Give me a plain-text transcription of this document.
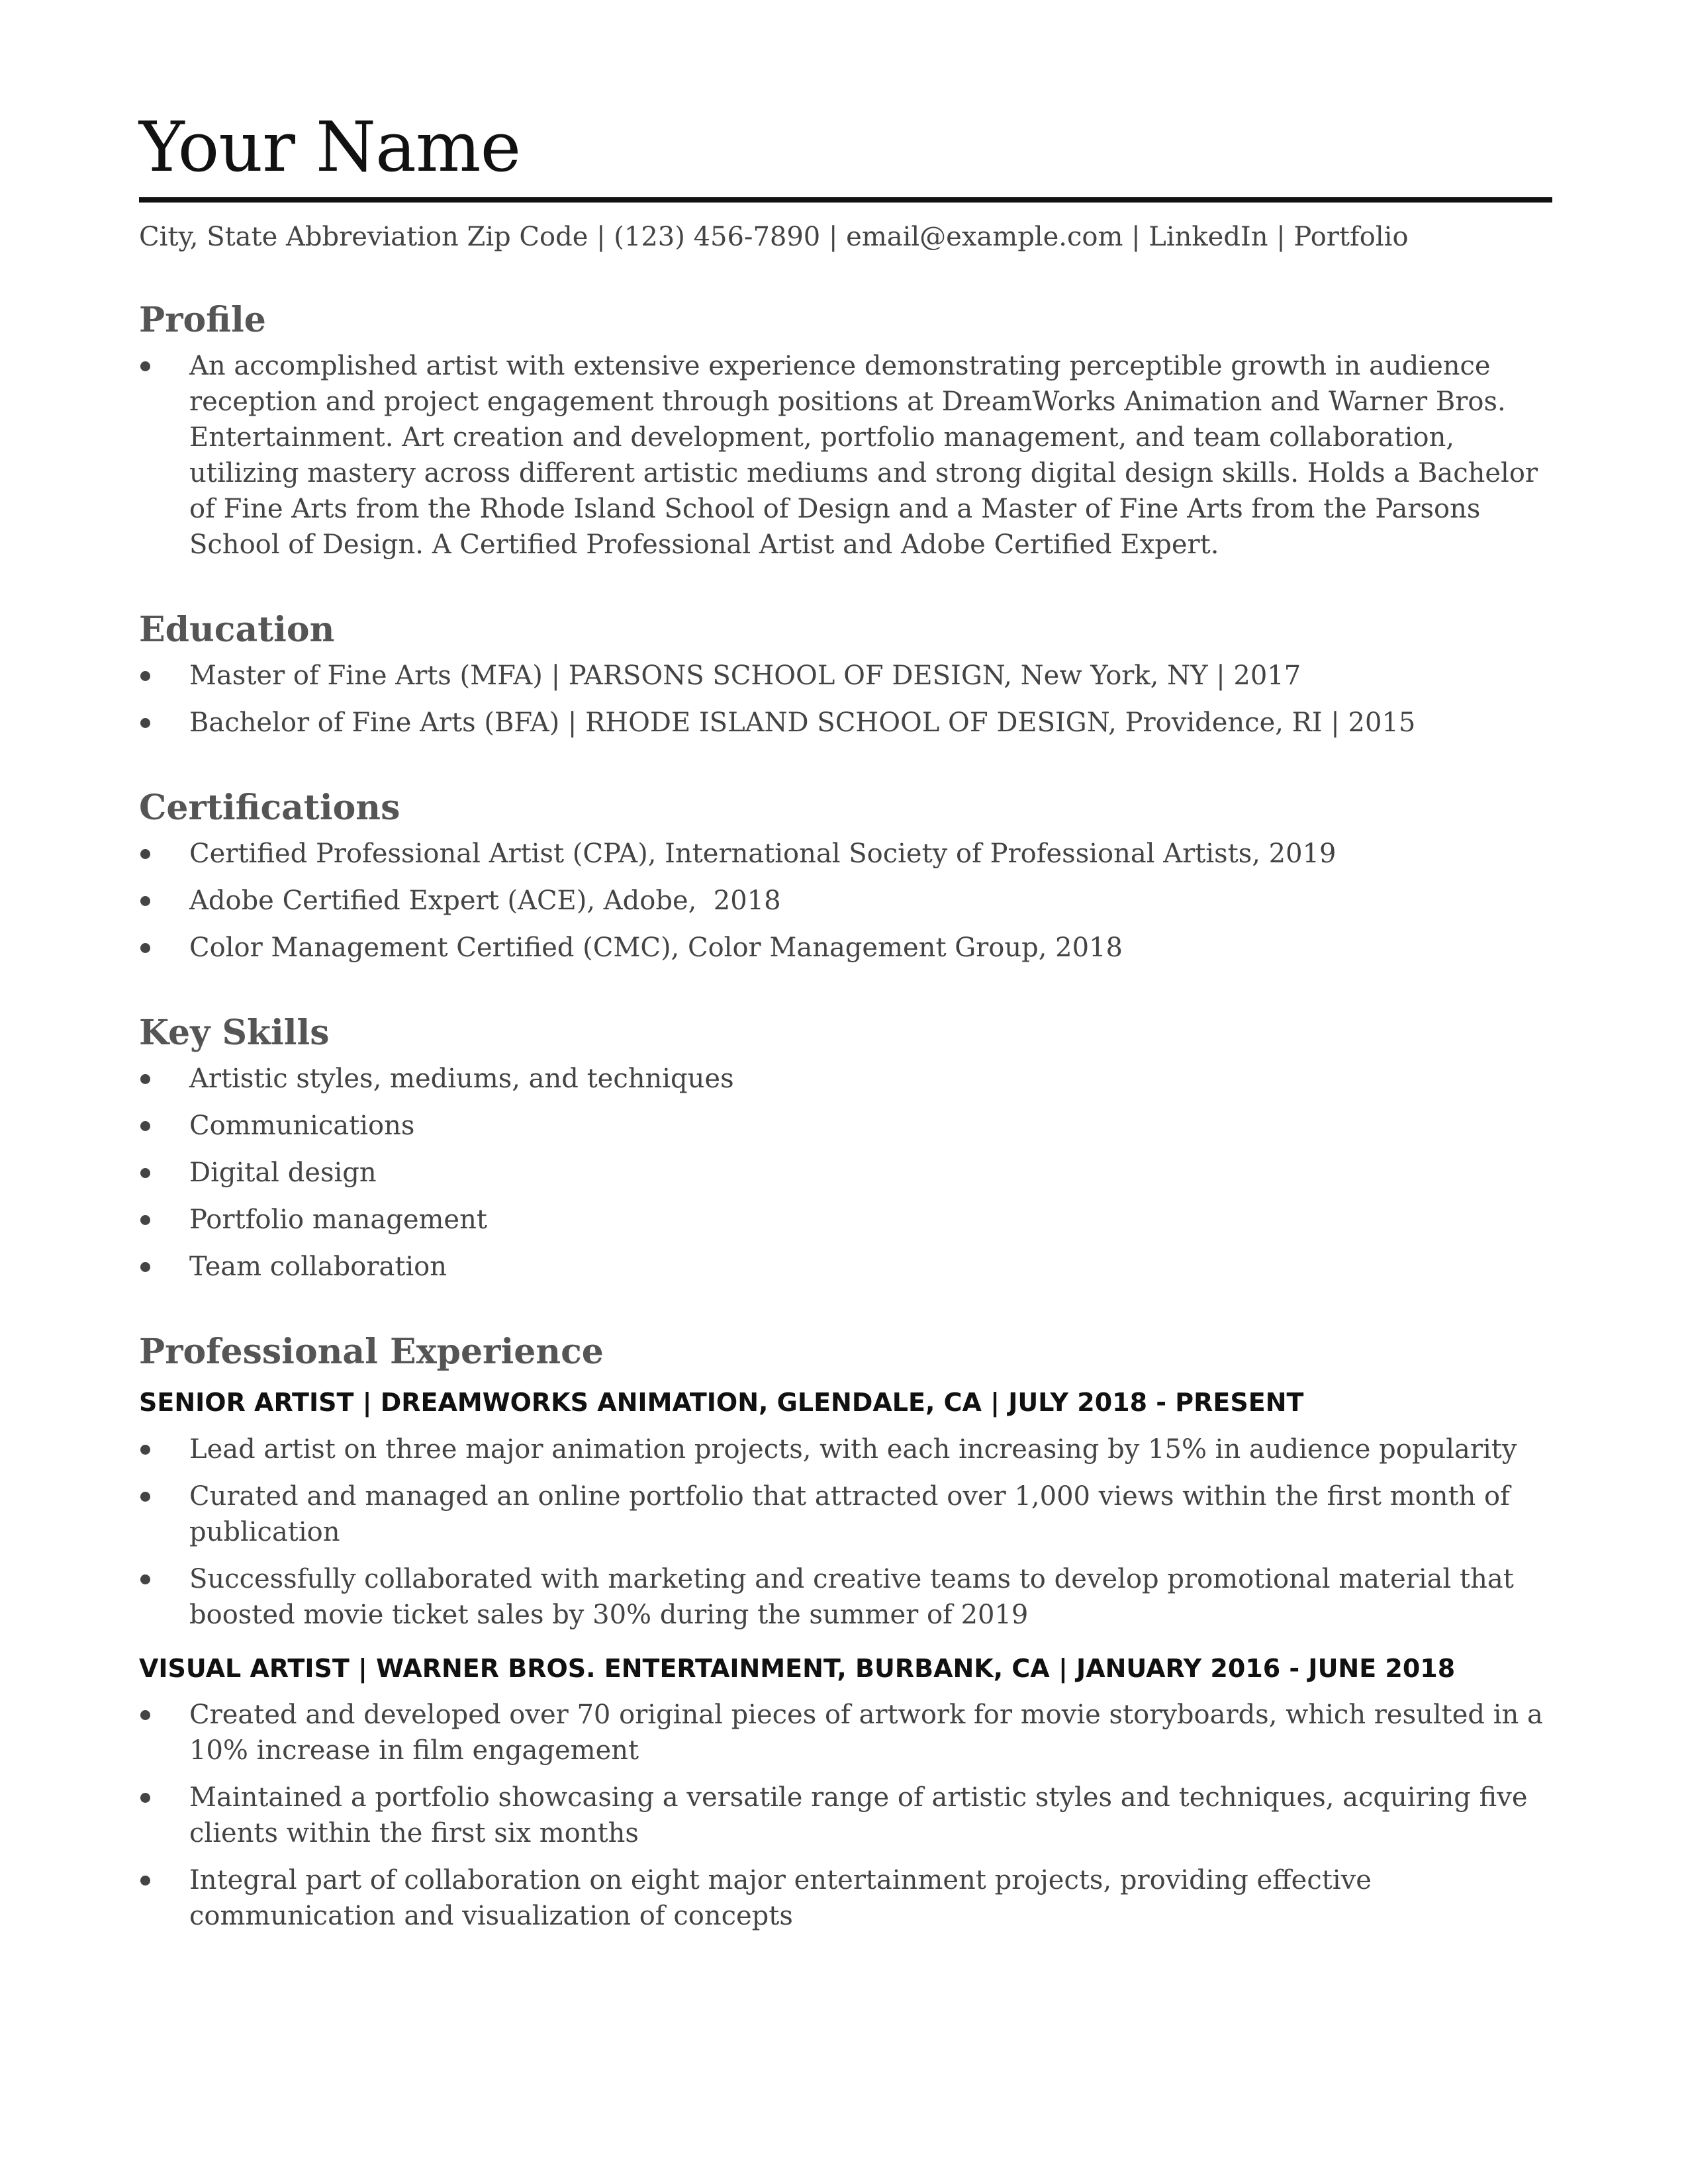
Your Name
City, State Abbreviation Zip Code | (123) 456-7890 | email@example.com | LinkedIn | Portfolio
Profile
An accomplished artist with extensive experience demonstrating perceptible growth in audience reception and project engagement through positions at DreamWorks Animation and Warner Bros. Entertainment. Art creation and development, portfolio management, and team collaboration, utilizing mastery across different artistic mediums and strong digital design skills. Holds a Bachelor of Fine Arts from the Rhode Island School of Design and a Master of Fine Arts from the Parsons School of Design. A Certified Professional Artist and Adobe Certified Expert.
Education
Master of Fine Arts (MFA) | PARSONS SCHOOL OF DESIGN, New York, NY | 2017
Bachelor of Fine Arts (BFA) | RHODE ISLAND SCHOOL OF DESIGN, Providence, RI | 2015
Certifications
Certified Professional Artist (CPA), International Society of Professional Artists, 2019
Adobe Certified Expert (ACE), Adobe,  2018
Color Management Certified (CMC), Color Management Group, 2018
Key Skills
Artistic styles, mediums, and techniques
Communications
Digital design
Portfolio management
Team collaboration
Professional Experience
SENIOR ARTIST | DREAMWORKS ANIMATION, GLENDALE, CA | JULY 2018 - PRESENT
Lead artist on three major animation projects, with each increasing by 15% in audience popularity
Curated and managed an online portfolio that attracted over 1,000 views within the first month of publication
Successfully collaborated with marketing and creative teams to develop promotional material that boosted movie ticket sales by 30% during the summer of 2019
VISUAL ARTIST | WARNER BROS. ENTERTAINMENT, BURBANK, CA | JANUARY 2016 - JUNE 2018
Created and developed over 70 original pieces of artwork for movie storyboards, which resulted in a 10% increase in film engagement
Maintained a portfolio showcasing a versatile range of artistic styles and techniques, acquiring five clients within the first six months
Integral part of collaboration on eight major entertainment projects, providing effective communication and visualization of concepts
